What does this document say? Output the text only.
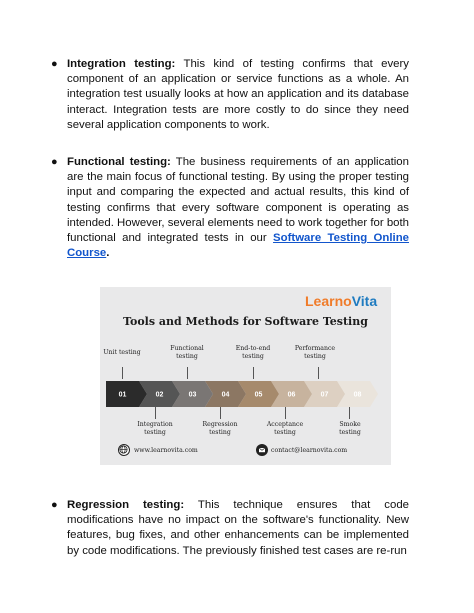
● Integration testing: This kind of testing confirms that every component of an application or service functions as a whole. An integration test usually looks at how an application and its database interact. Integration tests are more costly to do since they need several application components to work.
● Functional testing: The business requirements of an application are the main focus of functional testing. By using the proper testing input and comparing the expected and actual results, this kind of testing confirms that every software component is operating as intended. However, several elements need to work together for both functional and integrated tests in our Software Testing Online Course.
LearnoVita
Tools and Methods for Software Testing
Unit testing
Functional testing
End-to-end testing
Performance testing
08
07
06
05
04
03
02
01
Integration testing
Regression testing
Acceptance testing
Smoke testing
www.learnovita.com	contact@learnovita.com
● Regression testing: This technique ensures that code modifications have no impact on the software's functionality. New features, bug fixes, and other enhancements can be implemented by code modifications. The previously finished test cases are re-run
